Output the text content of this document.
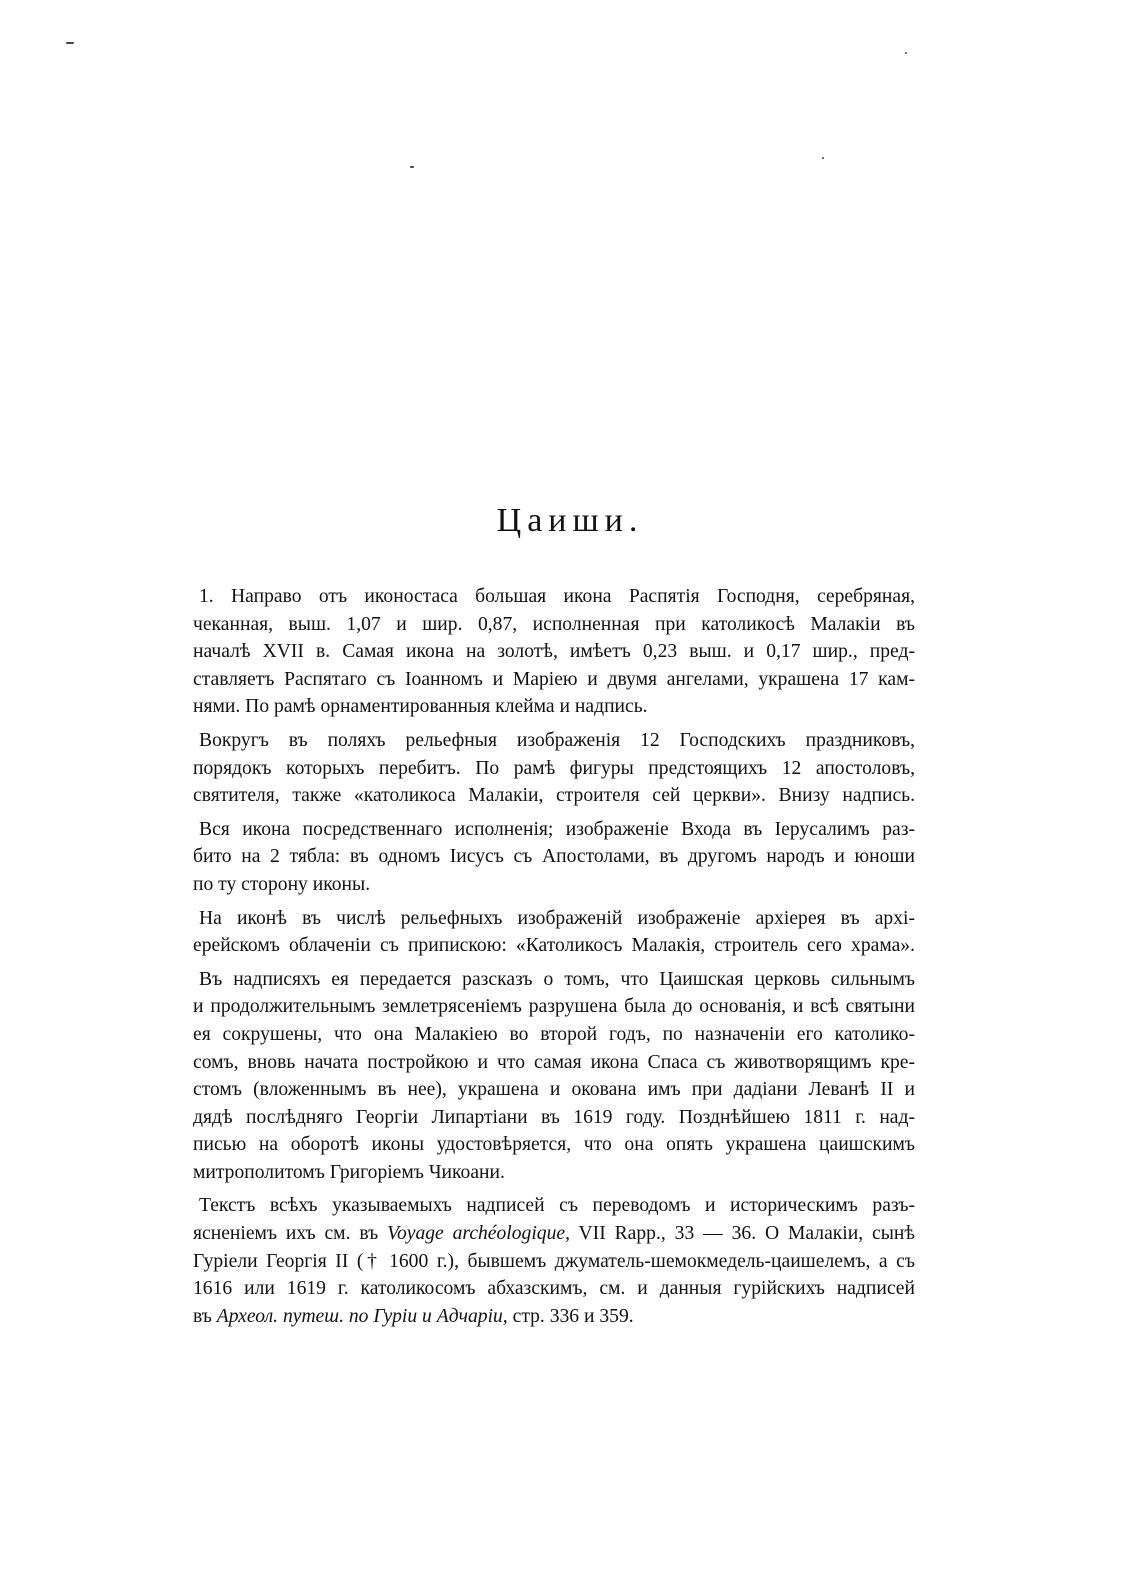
Цаиши.
1. Направо отъ иконостаса большая икона Распятія Господня, серебряная,
чеканная, выш. 1,07 и шир. 0,87, исполненная при католикосѣ Малакіи въ
началѣ XVII в. Самая икона на золотѣ, имѣетъ 0,23 выш. и 0,17 шир., пред-
ставляетъ Распятаго съ Іоанномъ и Маріею и двумя ангелами, украшена 17 кам-
нями. По рамѣ орнаментированныя клейма и надпись.
Вокругъ въ поляхъ рельефныя изображенія 12 Господскихъ праздниковъ,
порядокъ которыхъ перебитъ. По рамѣ фигуры предстоящихъ 12 апостоловъ,
святителя, также «католикоса Малакіи, строителя сей церкви». Внизу надпись.
Вся икона посредственнаго исполненія; изображеніе Входа въ Іерусалимъ раз-
бито на 2 тябла: въ одномъ Іисусъ съ Апостолами, въ другомъ народъ и юноши
по ту сторону иконы.
На иконѣ въ числѣ рельефныхъ изображеній изображеніе архіерея въ архі-
ерейскомъ облаченіи съ припискою: «Католикосъ Малакія, строитель сего храма».
Въ надписяхъ ея передается разсказъ о томъ, что Цаишская церковь сильнымъ
и продолжительнымъ землетрясеніемъ разрушена была до основанія, и всѣ святыни
ея сокрушены, что она Малакіею во второй годъ, по назначеніи его католико-
сомъ, вновь начата постройкою и что самая икона Спаса съ животворящимъ кре-
стомъ (вложеннымъ въ нее), украшена и окована имъ при дадіани Леванѣ II и
дядѣ послѣдняго Георгіи Липартіани въ 1619 году. Позднѣйшею 1811 г. над-
писью на оборотѣ иконы удостовѣряется, что она опять украшена цаишскимъ
митрополитомъ Григоріемъ Чикоани.
Текстъ всѣхъ указываемыхъ надписей съ переводомъ и историческимъ разъ-
ясненіемъ ихъ см. въ Voyage archéologique, VII Rapp., 33 — 36. О Малакіи, сынѣ
Гуріели Георгія II († 1600 г.), бывшемъ джуматель-шемокмедель-цаишелемъ, а съ
1616 или 1619 г. католикосомъ абхазскимъ, см. и данныя гурійскихъ надписей
въ Археол. путеш. по Гуріи и Адчаріи, стр. 336 и 359.
